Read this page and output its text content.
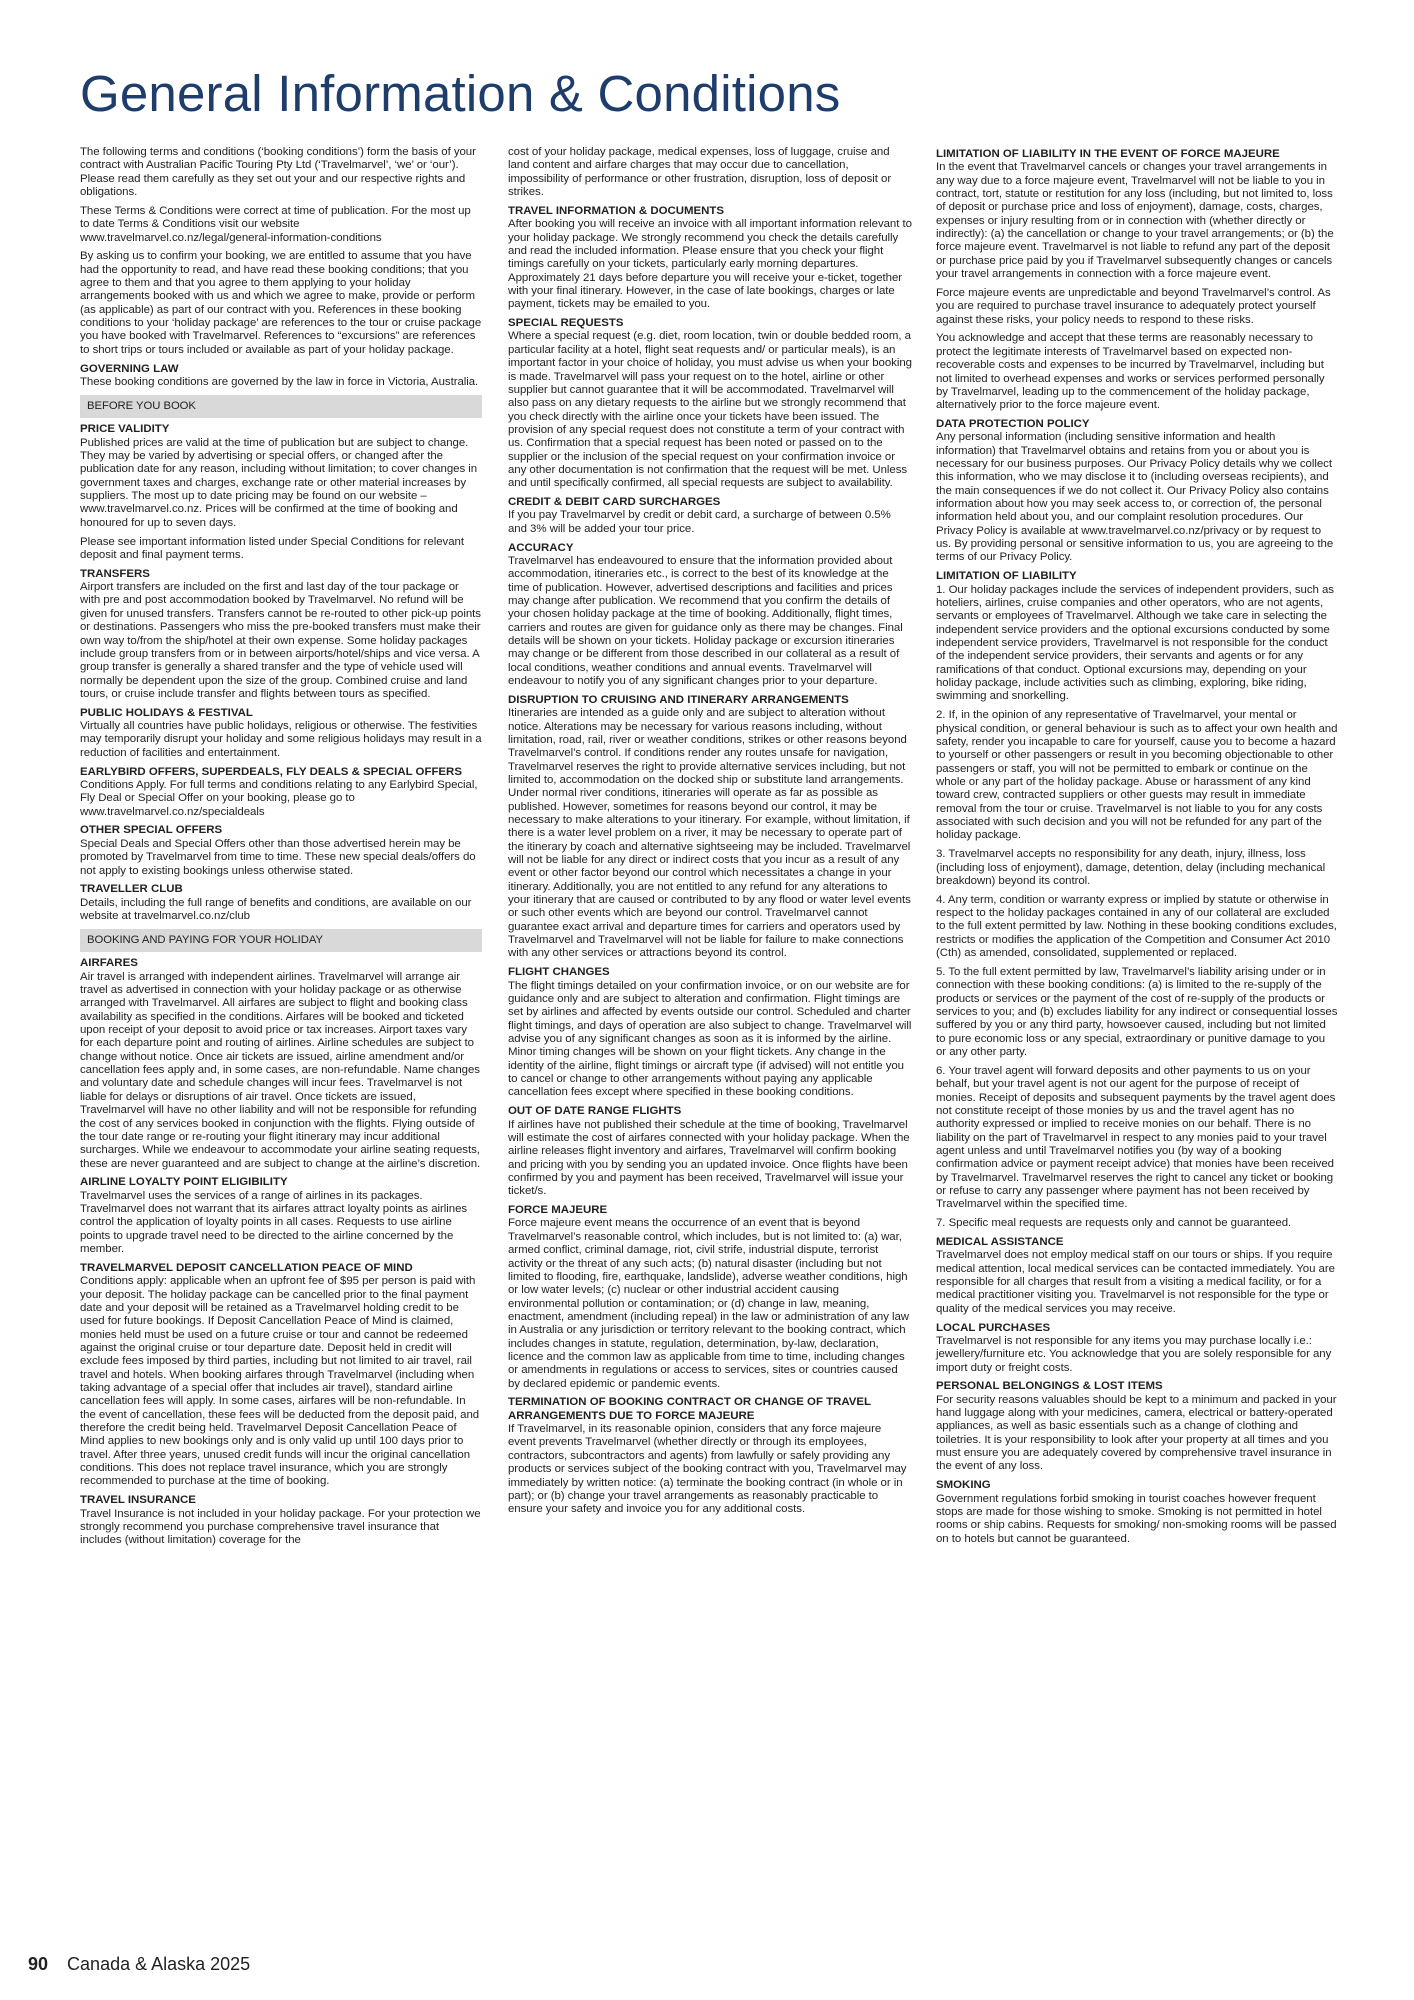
General Information & Conditions

The following terms and conditions (‘booking conditions’) form the basis of your contract with Australian Pacific Touring Pty Ltd (‘Travelmarvel’, ‘we’ or ‘our’). Please read them carefully as they set out your and our respective rights and obligations.

These Terms & Conditions were correct at time of publication. For the most up to date Terms & Conditions visit our website www.travelmarvel.co.nz/legal/general-information-conditions

By asking us to confirm your booking, we are entitled to assume that you have had the opportunity to read, and have read these booking conditions; that you agree to them and that you agree to them applying to your holiday arrangements booked with us and which we agree to make, provide or perform (as applicable) as part of our contract with you. References in these booking conditions to your ‘holiday package’ are references to the tour or cruise package you have booked with Travelmarvel. References to “excursions” are references to short trips or tours included or available as part of your holiday package.

GOVERNING LAW

These booking conditions are governed by the law in force in Victoria, Australia.

BEFORE YOU BOOK
PRICE VALIDITY

Published prices are valid at the time of publication but are subject to change. They may be varied by advertising or special offers, or changed after the publication date for any reason, including without limitation; to cover changes in government taxes and charges, exchange rate or other material increases by suppliers. The most up to date pricing may be found on our website – www.travelmarvel.co.nz. Prices will be confirmed at the time of booking and honoured for up to seven days.

Please see important information listed under Special Conditions for relevant deposit and final payment terms.

TRANSFERS

Airport transfers are included on the first and last day of the tour package or with pre and post accommodation booked by Travelmarvel. No refund will be given for unused transfers. Transfers cannot be re-routed to other pick-up points or destinations. Passengers who miss the pre-booked transfers must make their own way to/from the ship/hotel at their own expense. Some holiday packages include group transfers from or in between airports/hotel/ships and vice versa. A group transfer is generally a shared transfer and the type of vehicle used will normally be dependent upon the size of the group. Combined cruise and land tours, or cruise include transfer and flights between tours as specified.

PUBLIC HOLIDAYS & FESTIVAL

Virtually all countries have public holidays, religious or otherwise. The festivities may temporarily disrupt your holiday and some religious holidays may result in a reduction of facilities and entertainment.

EARLYBIRD OFFERS, SUPERDEALS, FLY DEALS & SPECIAL OFFERS

Conditions Apply. For full terms and conditions relating to any Earlybird Special, Fly Deal or Special Offer on your booking, please go to www.travelmarvel.co.nz/specialdeals

OTHER SPECIAL OFFERS

Special Deals and Special Offers other than those advertised herein may be promoted by Travelmarvel from time to time. These new special deals/offers do not apply to existing bookings unless otherwise stated.

TRAVELLER CLUB

Details, including the full range of benefits and conditions, are available on our website at travelmarvel.co.nz/club

BOOKING AND PAYING FOR YOUR HOLIDAY
AIRFARES

Air travel is arranged with independent airlines. Travelmarvel will arrange air travel as advertised in connection with your holiday package or as otherwise arranged with Travelmarvel. All airfares are subject to flight and booking class availability as specified in the conditions. Airfares will be booked and ticketed upon receipt of your deposit to avoid price or tax increases. Airport taxes vary for each departure point and routing of airlines. Airline schedules are subject to change without notice. Once air tickets are issued, airline amendment and/or cancellation fees apply and, in some cases, are non-refundable. Name changes and voluntary date and schedule changes will incur fees. Travelmarvel is not liable for delays or disruptions of air travel. Once tickets are issued, Travelmarvel will have no other liability and will not be responsible for refunding the cost of any services booked in conjunction with the flights. Flying outside of the tour date range or re-routing your flight itinerary may incur additional surcharges. While we endeavour to accommodate your airline seating requests, these are never guaranteed and are subject to change at the airline’s discretion.

AIRLINE LOYALTY POINT ELIGIBILITY

Travelmarvel uses the services of a range of airlines in its packages. Travelmarvel does not warrant that its airfares attract loyalty points as airlines control the application of loyalty points in all cases. Requests to use airline points to upgrade travel need to be directed to the airline concerned by the member.

TRAVELMARVEL DEPOSIT CANCELLATION PEACE OF MIND

Conditions apply: applicable when an upfront fee of $95 per person is paid with your deposit. The holiday package can be cancelled prior to the final payment date and your deposit will be retained as a Travelmarvel holding credit to be used for future bookings. If Deposit Cancellation Peace of Mind is claimed, monies held must be used on a future cruise or tour and cannot be redeemed against the original cruise or tour departure date. Deposit held in credit will exclude fees imposed by third parties, including but not limited to air travel, rail travel and hotels. When booking airfares through Travelmarvel (including when taking advantage of a special offer that includes air travel), standard airline cancellation fees will apply. In some cases, airfares will be non-refundable. In the event of cancellation, these fees will be deducted from the deposit paid, and therefore the credit being held. Travelmarvel Deposit Cancellation Peace of Mind applies to new bookings only and is only valid up until 100 days prior to travel. After three years, unused credit funds will incur the original cancellation conditions. This does not replace travel insurance, which you are strongly recommended to purchase at the time of booking.

TRAVEL INSURANCE

Travel Insurance is not included in your holiday package. For your protection we strongly recommend you purchase comprehensive travel insurance that includes (without limitation) coverage for the

cost of your holiday package, medical expenses, loss of luggage, cruise and land content and airfare charges that may occur due to cancellation, impossibility of performance or other frustration, disruption, loss of deposit or strikes.

TRAVEL INFORMATION & DOCUMENTS

After booking you will receive an invoice with all important information relevant to your holiday package. We strongly recommend you check the details carefully and read the included information. Please ensure that you check your flight timings carefully on your tickets, particularly early morning departures. Approximately 21 days before departure you will receive your e-ticket, together with your final itinerary. However, in the case of late bookings, charges or late payment, tickets may be emailed to you.

SPECIAL REQUESTS

Where a special request (e.g. diet, room location, twin or double bedded room, a particular facility at a hotel, flight seat requests and/ or particular meals), is an important factor in your choice of holiday, you must advise us when your booking is made. Travelmarvel will pass your request on to the hotel, airline or other supplier but cannot guarantee that it will be accommodated. Travelmarvel will also pass on any dietary requests to the airline but we strongly recommend that you check directly with the airline once your tickets have been issued. The provision of any special request does not constitute a term of your contract with us. Confirmation that a special request has been noted or passed on to the supplier or the inclusion of the special request on your confirmation invoice or any other documentation is not confirmation that the request will be met. Unless and until specifically confirmed, all special requests are subject to availability.

CREDIT & DEBIT CARD SURCHARGES

If you pay Travelmarvel by credit or debit card, a surcharge of between 0.5% and 3% will be added your tour price.

ACCURACY

Travelmarvel has endeavoured to ensure that the information provided about accommodation, itineraries etc., is correct to the best of its knowledge at the time of publication. However, advertised descriptions and facilities and prices may change after publication. We recommend that you confirm the details of your chosen holiday package at the time of booking. Additionally, flight times, carriers and routes are given for guidance only as there may be changes. Final details will be shown on your tickets. Holiday package or excursion itineraries may change or be different from those described in our collateral as a result of local conditions, weather conditions and annual events. Travelmarvel will endeavour to notify you of any significant changes prior to your departure.

DISRUPTION TO CRUISING AND ITINERARY ARRANGEMENTS

Itineraries are intended as a guide only and are subject to alteration without notice. Alterations may be necessary for various reasons including, without limitation, road, rail, river or weather conditions, strikes or other reasons beyond Travelmarvel’s control. If conditions render any routes unsafe for navigation, Travelmarvel reserves the right to provide alternative services including, but not limited to, accommodation on the docked ship or substitute land arrangements. Under normal river conditions, itineraries will operate as far as possible as published. However, sometimes for reasons beyond our control, it may be necessary to make alterations to your itinerary. For example, without limitation, if there is a water level problem on a river, it may be necessary to operate part of the itinerary by coach and alternative sightseeing may be included. Travelmarvel will not be liable for any direct or indirect costs that you incur as a result of any event or other factor beyond our control which necessitates a change in your itinerary. Additionally, you are not entitled to any refund for any alterations to your itinerary that are caused or contributed to by any flood or water level events or such other events which are beyond our control. Travelmarvel cannot guarantee exact arrival and departure times for carriers and operators used by Travelmarvel and Travelmarvel will not be liable for failure to make connections with any other services or attractions beyond its control.

FLIGHT CHANGES

The flight timings detailed on your confirmation invoice, or on our website are for guidance only and are subject to alteration and confirmation. Flight timings are set by airlines and affected by events outside our control. Scheduled and charter flight timings, and days of operation are also subject to change. Travelmarvel will advise you of any significant changes as soon as it is informed by the airline. Minor timing changes will be shown on your flight tickets. Any change in the identity of the airline, flight timings or aircraft type (if advised) will not entitle you to cancel or change to other arrangements without paying any applicable cancellation fees except where specified in these booking conditions.

OUT OF DATE RANGE FLIGHTS

If airlines have not published their schedule at the time of booking, Travelmarvel will estimate the cost of airfares connected with your holiday package. When the airline releases flight inventory and airfares, Travelmarvel will confirm booking and pricing with you by sending you an updated invoice. Once flights have been confirmed by you and payment has been received, Travelmarvel will issue your ticket/s.

FORCE MAJEURE

Force majeure event means the occurrence of an event that is beyond Travelmarvel’s reasonable control, which includes, but is not limited to: (a) war, armed conflict, criminal damage, riot, civil strife, industrial dispute, terrorist activity or the threat of any such acts; (b) natural disaster (including but not limited to flooding, fire, earthquake, landslide), adverse weather conditions, high or low water levels; (c) nuclear or other industrial accident causing environmental pollution or contamination; or (d) change in law, meaning, enactment, amendment (including repeal) in the law or administration of any law in Australia or any jurisdiction or territory relevant to the booking contract, which includes changes in statute, regulation, determination, by-law, declaration, licence and the common law as applicable from time to time, including changes or amendments in regulations or access to services, sites or countries caused by declared epidemic or pandemic events.

TERMINATION OF BOOKING CONTRACT OR CHANGE OF TRAVEL ARRANGEMENTS DUE TO FORCE MAJEURE

If Travelmarvel, in its reasonable opinion, considers that any force majeure event prevents Travelmarvel (whether directly or through its employees, contractors, subcontractors and agents) from lawfully or safely providing any products or services subject of the booking contract with you, Travelmarvel may immediately by written notice: (a) terminate the booking contract (in whole or in part); or (b) change your travel arrangements as reasonably practicable to ensure your safety and invoice you for any additional costs.

LIMITATION OF LIABILITY IN THE EVENT OF FORCE MAJEURE

In the event that Travelmarvel cancels or changes your travel arrangements in any way due to a force majeure event, Travelmarvel will not be liable to you in contract, tort, statute or restitution for any loss (including, but not limited to, loss of deposit or purchase price and loss of enjoyment), damage, costs, charges, expenses or injury resulting from or in connection with (whether directly or indirectly): (a) the cancellation or change to your travel arrangements; or (b) the force majeure event. Travelmarvel is not liable to refund any part of the deposit or purchase price paid by you if Travelmarvel subsequently changes or cancels your travel arrangements in connection with a force majeure event.

Force majeure events are unpredictable and beyond Travelmarvel’s control. As you are required to purchase travel insurance to adequately protect yourself against these risks, your policy needs to respond to these risks.

You acknowledge and accept that these terms are reasonably necessary to protect the legitimate interests of Travelmarvel based on expected non-recoverable costs and expenses to be incurred by Travelmarvel, including but not limited to overhead expenses and works or services performed personally by Travelmarvel, leading up to the commencement of the holiday package, alternatively prior to the force majeure event.

DATA PROTECTION POLICY

Any personal information (including sensitive information and health information) that Travelmarvel obtains and retains from you or about you is necessary for our business purposes. Our Privacy Policy details why we collect this information, who we may disclose it to (including overseas recipients), and the main consequences if we do not collect it. Our Privacy Policy also contains information about how you may seek access to, or correction of, the personal information held about you, and our complaint resolution procedures. Our Privacy Policy is available at www.travelmarvel.co.nz/privacy or by request to us. By providing personal or sensitive information to us, you are agreeing to the terms of our Privacy Policy.

LIMITATION OF LIABILITY

1. Our holiday packages include the services of independent providers, such as hoteliers, airlines, cruise companies and other operators, who are not agents, servants or employees of Travelmarvel. Although we take care in selecting the independent service providers and the optional excursions conducted by some independent service providers, Travelmarvel is not responsible for the conduct of the independent service providers, their servants and agents or for any ramifications of that conduct. Optional excursions may, depending on your holiday package, include activities such as climbing, exploring, bike riding, swimming and snorkelling.

2. If, in the opinion of any representative of Travelmarvel, your mental or physical condition, or general behaviour is such as to affect your own health and safety, render you incapable to care for yourself, cause you to become a hazard to yourself or other passengers or result in you becoming objectionable to other passengers or staff, you will not be permitted to embark or continue on the whole or any part of the holiday package. Abuse or harassment of any kind toward crew, contracted suppliers or other guests may result in immediate removal from the tour or cruise. Travelmarvel is not liable to you for any costs associated with such decision and you will not be refunded for any part of the holiday package.

3. Travelmarvel accepts no responsibility for any death, injury, illness, loss (including loss of enjoyment), damage, detention, delay (including mechanical breakdown) beyond its control.

4. Any term, condition or warranty express or implied by statute or otherwise in respect to the holiday packages contained in any of our collateral are excluded to the full extent permitted by law. Nothing in these booking conditions excludes, restricts or modifies the application of the Competition and Consumer Act 2010 (Cth) as amended, consolidated, supplemented or replaced.

5. To the full extent permitted by law, Travelmarvel’s liability arising under or in connection with these booking conditions: (a) is limited to the re-supply of the products or services or the payment of the cost of re-supply of the products or services to you; and (b) excludes liability for any indirect or consequential losses suffered by you or any third party, howsoever caused, including but not limited to pure economic loss or any special, extraordinary or punitive damage to you or any other party.

6. Your travel agent will forward deposits and other payments to us on your behalf, but your travel agent is not our agent for the purpose of receipt of monies. Receipt of deposits and subsequent payments by the travel agent does not constitute receipt of those monies by us and the travel agent has no authority expressed or implied to receive monies on our behalf. There is no liability on the part of Travelmarvel in respect to any monies paid to your travel agent unless and until Travelmarvel notifies you (by way of a booking confirmation advice or payment receipt advice) that monies have been received by Travelmarvel. Travelmarvel reserves the right to cancel any ticket or booking or refuse to carry any passenger where payment has not been received by Travelmarvel within the specified time.

7. Specific meal requests are requests only and cannot be guaranteed.

MEDICAL ASSISTANCE

Travelmarvel does not employ medical staff on our tours or ships. If you require medical attention, local medical services can be contacted immediately. You are responsible for all charges that result from a visiting a medical facility, or for a medical practitioner visiting you. Travelmarvel is not responsible for the type or quality of the medical services you may receive.

LOCAL PURCHASES

Travelmarvel is not responsible for any items you may purchase locally i.e.: jewellery/furniture etc. You acknowledge that you are solely responsible for any import duty or freight costs.

PERSONAL BELONGINGS & LOST ITEMS

For security reasons valuables should be kept to a minimum and packed in your hand luggage along with your medicines, camera, electrical or battery-operated appliances, as well as basic essentials such as a change of clothing and toiletries. It is your responsibility to look after your property at all times and you must ensure you are adequately covered by comprehensive travel insurance in the event of any loss.

SMOKING

Government regulations forbid smoking in tourist coaches however frequent stops are made for those wishing to smoke. Smoking is not permitted in hotel rooms or ship cabins. Requests for smoking/ non-smoking rooms will be passed on to hotels but cannot be guaranteed.

90 Canada & Alaska 2025
